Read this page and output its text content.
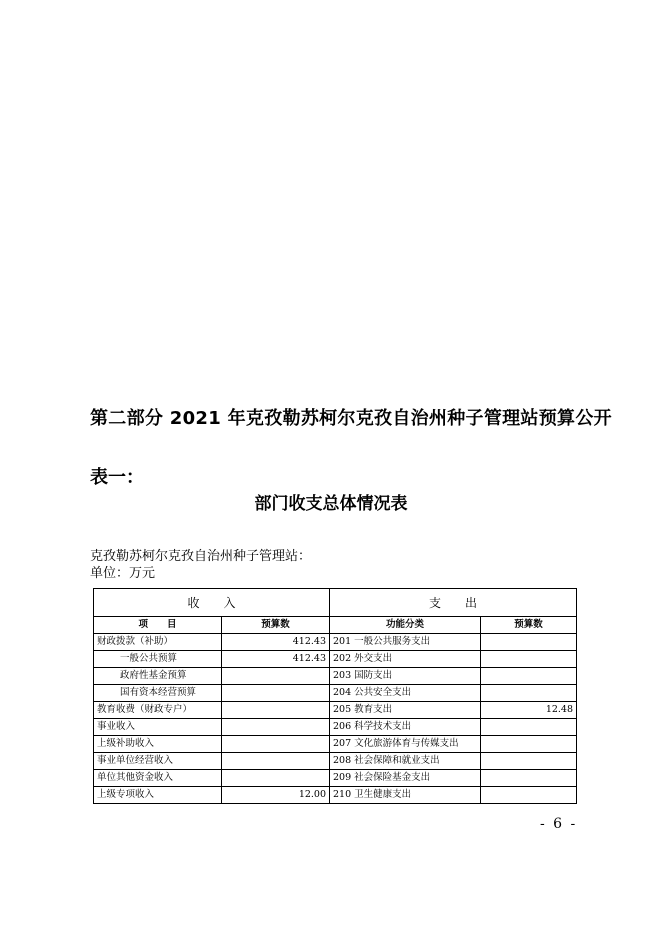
第二部分 2021 年克孜勒苏柯尔克孜自治州种子管理站预算公开
表一：
部门收支总体情况表
克孜勒苏柯尔克孜自治州种子管理站：
单位：万元
收　　入		支　　出	
项　　目	预算数	功能分类	预算数
财政拨款（补助）	412.43	201 一般公共服务支出	
一般公共预算	412.43	202 外交支出	
政府性基金预算		203 国防支出	
国有资本经营预算		204 公共安全支出	
教育收费（财政专户）		205 教育支出	12.48
事业收入		206 科学技术支出	
上级补助收入		207 文化旅游体育与传媒支出	
事业单位经营收入		208 社会保障和就业支出	
单位其他资金收入		209 社会保险基金支出	
上级专项收入	12.00	210 卫生健康支出	
- 6 -
